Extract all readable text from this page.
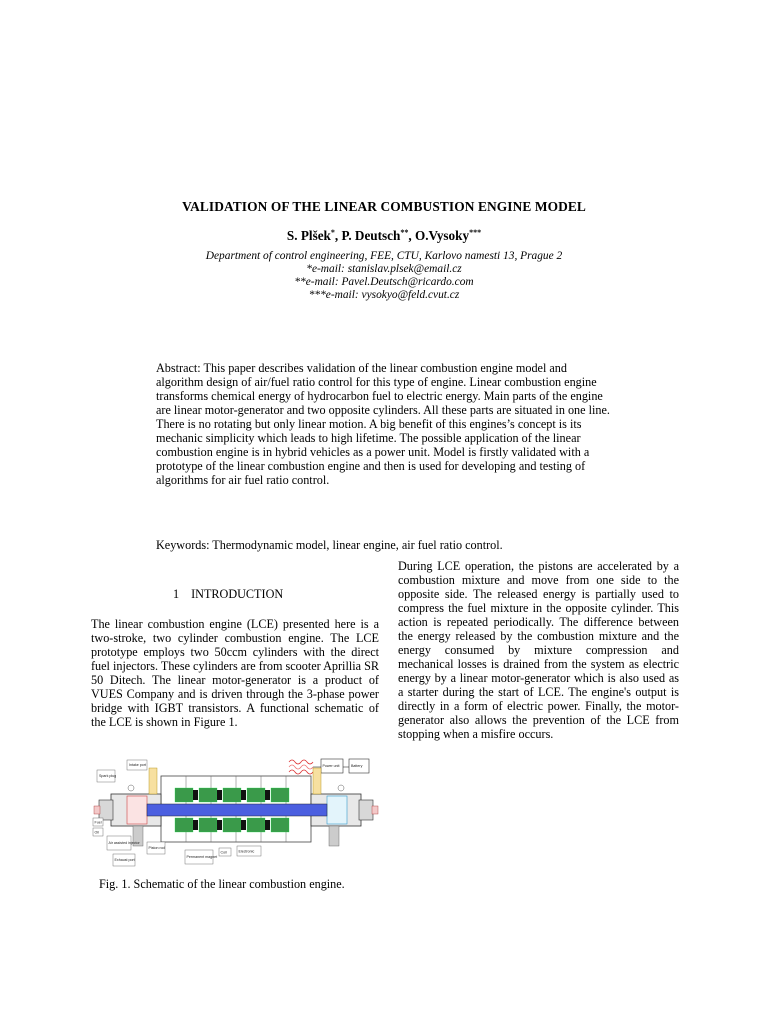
VALIDATION OF THE LINEAR COMBUSTION ENGINE MODEL
S. Plšek*, P. Deutsch**, O.Vysoky***
Department of control engineering, FEE, CTU, Karlovo namesti 13, Prague 2
*e-mail: stanislav.plsek@email.cz
**e-mail: Pavel.Deutsch@ricardo.com
***e-mail: vysokyo@feld.cvut.cz
Abstract: This paper describes validation of the linear combustion engine model and algorithm design of air/fuel ratio control for this type of engine. Linear combustion engine transforms chemical energy of hydrocarbon fuel to electric energy. Main parts of the engine are linear motor-generator and two opposite cylinders. All these parts are situated in one line. There is no rotating but only linear motion. A big benefit of this engines’s concept is its mechanic simplicity which leads to high lifetime. The possible application of the linear combustion engine is in hybrid vehicles as a power unit. Model is firstly validated with a prototype of the linear combustion engine and then is used for developing and testing of algorithms for air fuel ratio control.
Keywords: Thermodynamic model, linear engine, air fuel ratio control.
1 INTRODUCTION
The linear combustion engine (LCE) presented here is a two-stroke, two cylinder combustion engine. The LCE prototype employs two 50ccm cylinders with the direct fuel injectors. These cylinders are from scooter Aprillia SR 50 Ditech. The linear motor-generator is a product of VUES Company and is driven through the 3-phase power bridge with IGBT transistors. A functional schematic of the LCE is shown in Figure 1.
During LCE operation, the pistons are accelerated by a combustion mixture and move from one side to the opposite side. The released energy is partially used to compress the fuel mixture in the opposite cylinder. This action is repeated periodically. The difference between the energy released by the combustion mixture and the energy consumed by mixture compression and mechanical losses is drained from the system as electric energy by a linear motor-generator which is also used as a starter during the start of LCE. The engine's output is directly in a form of electric power. Finally, the motor-generator also allows the prevention of the LCE from stopping when a misfire occurs.
Spark plug
Intake port
Fuel
Oil
Air assisted injector
Exhaust port
Piston rod
Coil
Permanent magnet
Electronic
Power unit	Battery
Fig. 1. Schematic of the linear combustion engine.
